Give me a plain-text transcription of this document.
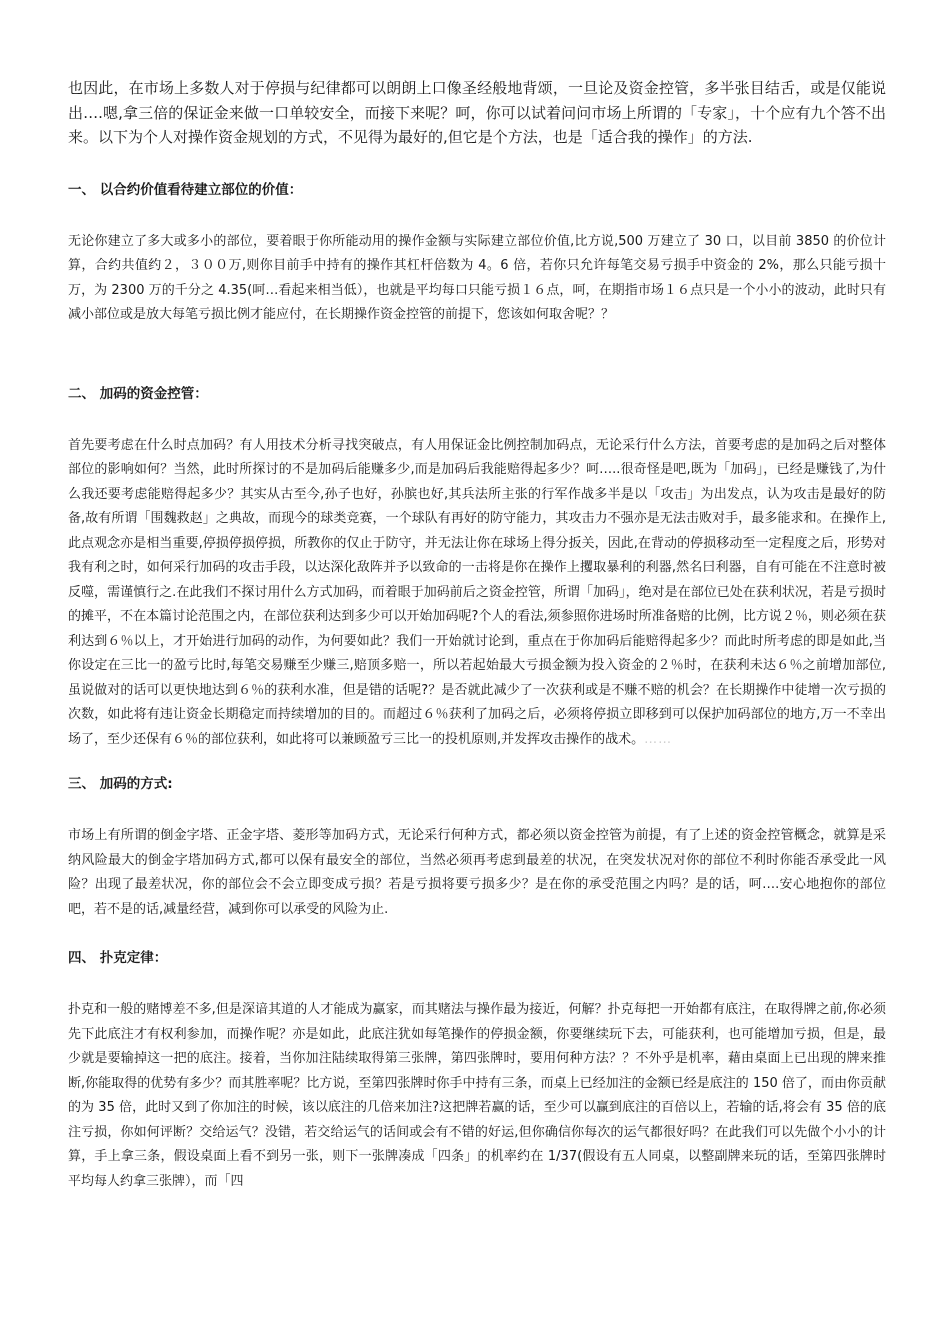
也因此，在市场上多数人对于停损与纪律都可以朗朗上口像圣经般地背颂，一旦论及资金控管，多半张目结舌，或是仅能说出….嗯,拿三倍的保证金来做一口单较安全，而接下来呢？呵，你可以试着问问市场上所谓的「专家」，十个应有九个答不出来。以下为个人对操作资金规划的方式，不见得为最好的,但它是个方法，也是「适合我的操作」的方法.

一、 以合约价值看待建立部位的价值：

无论你建立了多大或多小的部位，要着眼于你所能动用的操作金额与实际建立部位价值,比方说,500 万建立了 30 口，以目前 3850 的价位计算，合约共值约２，３００万,则你目前手中持有的操作其杠杆倍数为 4。6 倍，若你只允许每笔交易亏损手中资金的 2%，那么只能亏损十万，为 2300 万的千分之 4.35(呵…看起来相当低），也就是平均每口只能亏损１６点，呵，在期指市场１６点只是一个小小的波动，此时只有减小部位或是放大每笔亏损比例才能应付，在长期操作资金控管的前提下，您该如何取舍呢？？

二、 加码的资金控管：

首先要考虑在什么时点加码？有人用技术分析寻找突破点，有人用保证金比例控制加码点，无论采行什么方法，首要考虑的是加码之后对整体部位的影响如何？当然，此时所探讨的不是加码后能赚多少,而是加码后我能赔得起多少？呵…..很奇怪是吧,既为「加码」，已经是赚钱了,为什么我还要考虑能赔得起多少？其实从古至今,孙子也好，孙膑也好,其兵法所主张的行军作战多半是以「攻击」为出发点，认为攻击是最好的防备,故有所谓「围魏救赵」之典故，而现今的球类竞赛，一个球队有再好的防守能力，其攻击力不强亦是无法击败对手，最多能求和。在操作上,此点观念亦是相当重要,停损停损停损，所教你的仅止于防守，并无法让你在球场上得分扳关，因此,在背动的停损移动至一定程度之后，形势对我有利之时，如何采行加码的攻击手段，以达深化敌阵并予以致命的一击将是你在操作上攫取暴利的利器,然名曰利器，自有可能在不注意时被反噬，需谨慎行之.在此我们不探讨用什么方式加码，而着眼于加码前后之资金控管，所谓「加码」，绝对是在部位已处在获利状况，若是亏损时的摊平，不在本篇讨论范围之内，在部位获利达到多少可以开始加码呢?个人的看法,须参照你进场时所准备赔的比例，比方说２％，则必须在获利达到６％以上，才开始进行加码的动作，为何要如此？我们一开始就讨论到，重点在于你加码后能赔得起多少？而此时所考虑的即是如此,当你设定在三比一的盈亏比时,每笔交易赚至少赚三,赔顶多赔一，所以若起始最大亏损金额为投入资金的２％时，在获利未达６％之前增加部位,虽说做对的话可以更快地达到６％的获利水准，但是错的话呢?？是否就此减少了一次获利或是不赚不赔的机会？在长期操作中徒增一次亏损的次数，如此将有违让资金长期稳定而持续增加的目的。而超过６％获利了加码之后，必须将停损立即移到可以保护加码部位的地方,万一不幸出场了，至少还保有６％的部位获利，如此将可以兼顾盈亏三比一的投机原则,并发挥攻击操作的战术。……

三、 加码的方式:

市场上有所谓的倒金字塔、正金字塔、菱形等加码方式，无论采行何种方式，都必须以资金控管为前提，有了上述的资金控管概念，就算是采纳风险最大的倒金字塔加码方式,都可以保有最安全的部位，当然必须再考虑到最差的状况，在突发状况对你的部位不利时你能否承受此一风险？出现了最差状况，你的部位会不会立即变成亏损？若是亏损将要亏损多少？是在你的承受范围之内吗？是的话，呵….安心地抱你的部位吧，若不是的话,减量经营，减到你可以承受的风险为止.

四、 扑克定律：

扑克和一般的赌博差不多,但是深谙其道的人才能成为赢家，而其赌法与操作最为接近，何解？扑克每把一开始都有底注，在取得牌之前,你必须先下此底注才有权利参加，而操作呢？亦是如此，此底注犹如每笔操作的停损金额，你要继续玩下去，可能获利，也可能增加亏损，但是，最少就是要输掉这一把的底注。接着，当你加注陆续取得第三张牌，第四张牌时，要用何种方法？？不外乎是机率，藉由桌面上已出现的牌来推断,你能取得的优势有多少？而其胜率呢？比方说，至第四张牌时你手中持有三条，而桌上已经加注的金额已经是底注的 150 倍了，而由你贡献的为 35 倍，此时又到了你加注的时候，该以底注的几倍来加注?这把牌若赢的话，至少可以赢到底注的百倍以上，若输的话,将会有 35 倍的底注亏损，你如何评断？交给运气？没错，若交给运气的话间或会有不错的好运,但你确信你每次的运气都很好吗？在此我们可以先做个小小的计算，手上拿三条，假设桌面上看不到另一张，则下一张牌凑成「四条」的机率约在 1/37(假设有五人同桌，以整副牌来玩的话，至第四张牌时平均每人约拿三张牌），而「四
